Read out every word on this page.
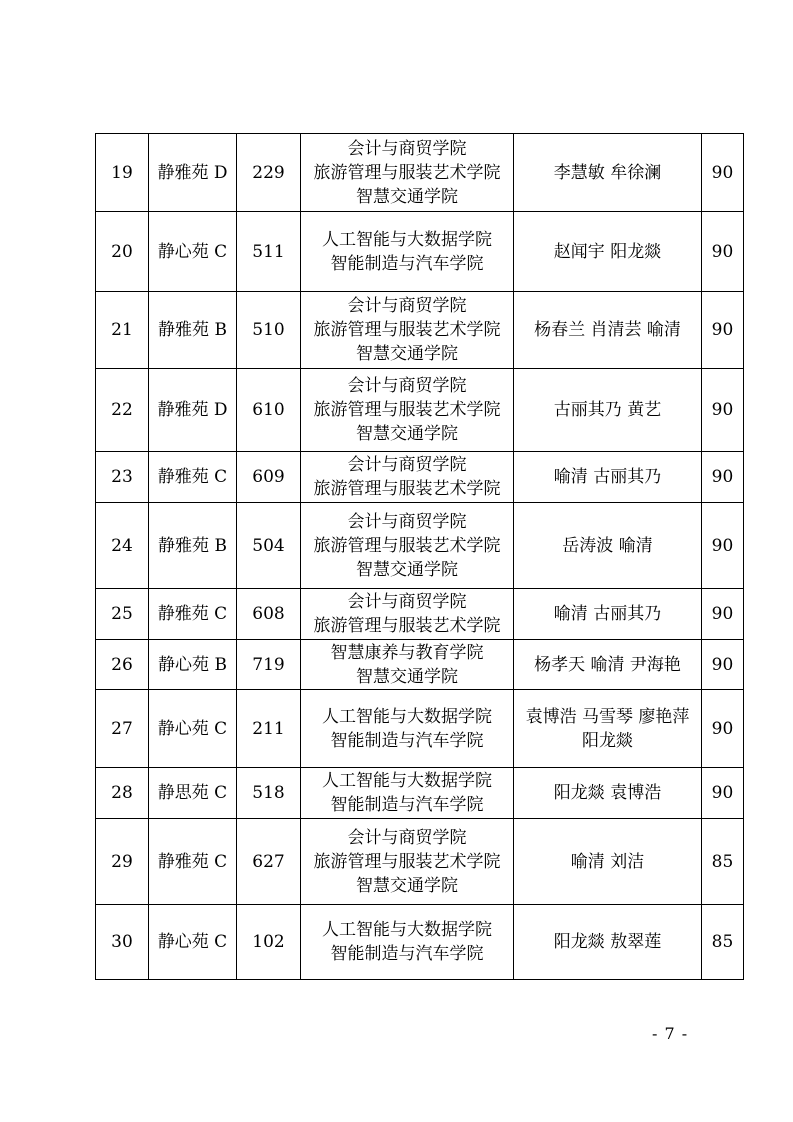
19	静雅苑 D	229	会计与商贸学院
旅游管理与服装艺术学院
智慧交通学院	李慧敏 牟徐澜	90
20	静心苑 C	511	人工智能与大数据学院
智能制造与汽车学院	赵闻宇 阳龙燚	90
21	静雅苑 B	510	会计与商贸学院
旅游管理与服装艺术学院
智慧交通学院	杨春兰 肖清芸 喻清	90
22	静雅苑 D	610	会计与商贸学院
旅游管理与服装艺术学院
智慧交通学院	古丽其乃 黄艺	90
23	静雅苑 C	609	会计与商贸学院
旅游管理与服装艺术学院	喻清 古丽其乃	90
24	静雅苑 B	504	会计与商贸学院
旅游管理与服装艺术学院
智慧交通学院	岳涛波 喻清	90
25	静雅苑 C	608	会计与商贸学院
旅游管理与服装艺术学院	喻清 古丽其乃	90
26	静心苑 B	719	智慧康养与教育学院
智慧交通学院	杨孝天 喻清 尹海艳	90
27	静心苑 C	211	人工智能与大数据学院
智能制造与汽车学院	袁博浩 马雪琴 廖艳萍
阳龙燚	90
28	静思苑 C	518	人工智能与大数据学院
智能制造与汽车学院	阳龙燚 袁博浩	90
29	静雅苑 C	627	会计与商贸学院
旅游管理与服装艺术学院
智慧交通学院	喻清 刘洁	85
30	静心苑 C	102	人工智能与大数据学院
智能制造与汽车学院	阳龙燚 敖翠莲	85
- 7 -
